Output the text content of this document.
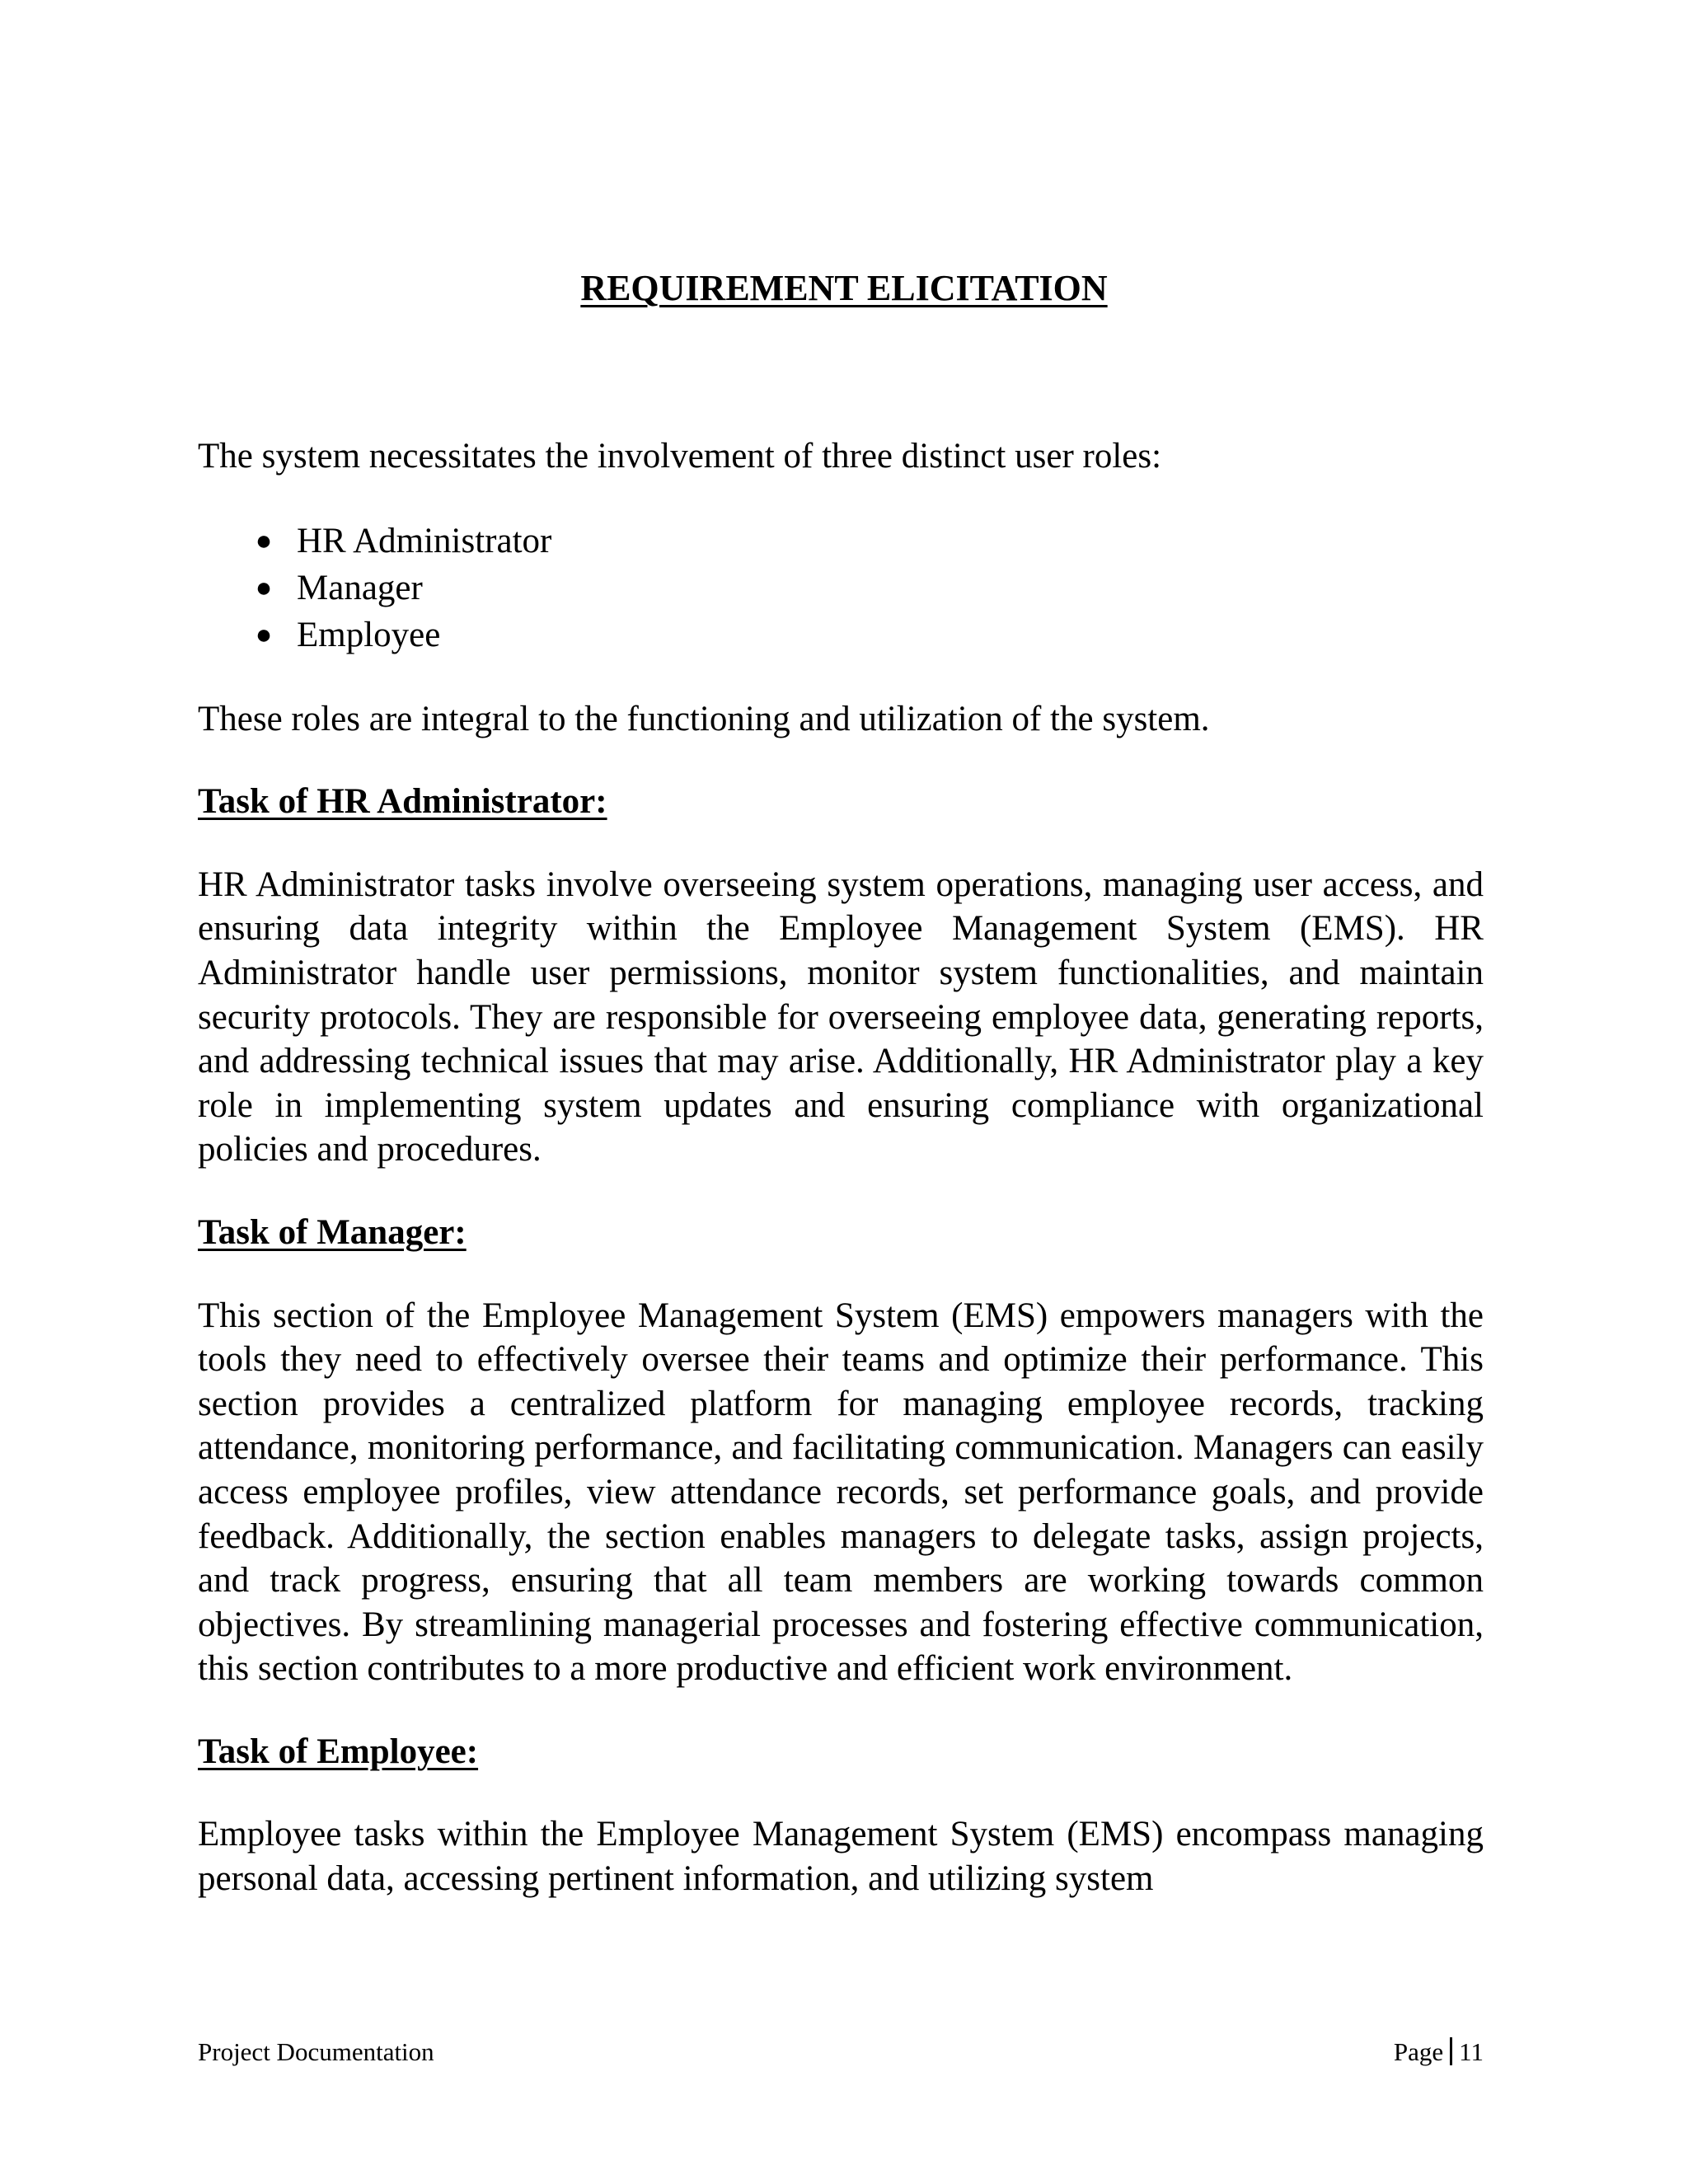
REQUIREMENT ELICITATION

The system necessitates the involvement of three distinct user roles:

● HR Administrator
● Manager
● Employee

These roles are integral to the functioning and utilization of the system.

Task of HR Administrator:

HR Administrator tasks involve overseeing system operations, managing user access, and ensuring data integrity within the Employee Management System (EMS). HR Administrator handle user permissions, monitor system functionalities, and maintain security protocols. They are responsible for overseeing employee data, generating reports, and addressing technical issues that may arise. Additionally, HR Administrator play a key role in implementing system updates and ensuring compliance with organizational policies and procedures.

Task of Manager:

This section of the Employee Management System (EMS) empowers managers with the tools they need to effectively oversee their teams and optimize their performance. This section provides a centralized platform for managing employee records, tracking attendance, monitoring performance, and facilitating communication. Managers can easily access employee profiles, view attendance records, set performance goals, and provide feedback. Additionally, the section enables managers to delegate tasks, assign projects, and track progress, ensuring that all team members are working towards common objectives. By streamlining managerial processes and fostering effective communication, this section contributes to a more productive and efficient work environment.

Task of Employee:

Employee tasks within the Employee Management System (EMS) encompass managing personal data, accessing pertinent information, and utilizing system

Project Documentation	Page 11
